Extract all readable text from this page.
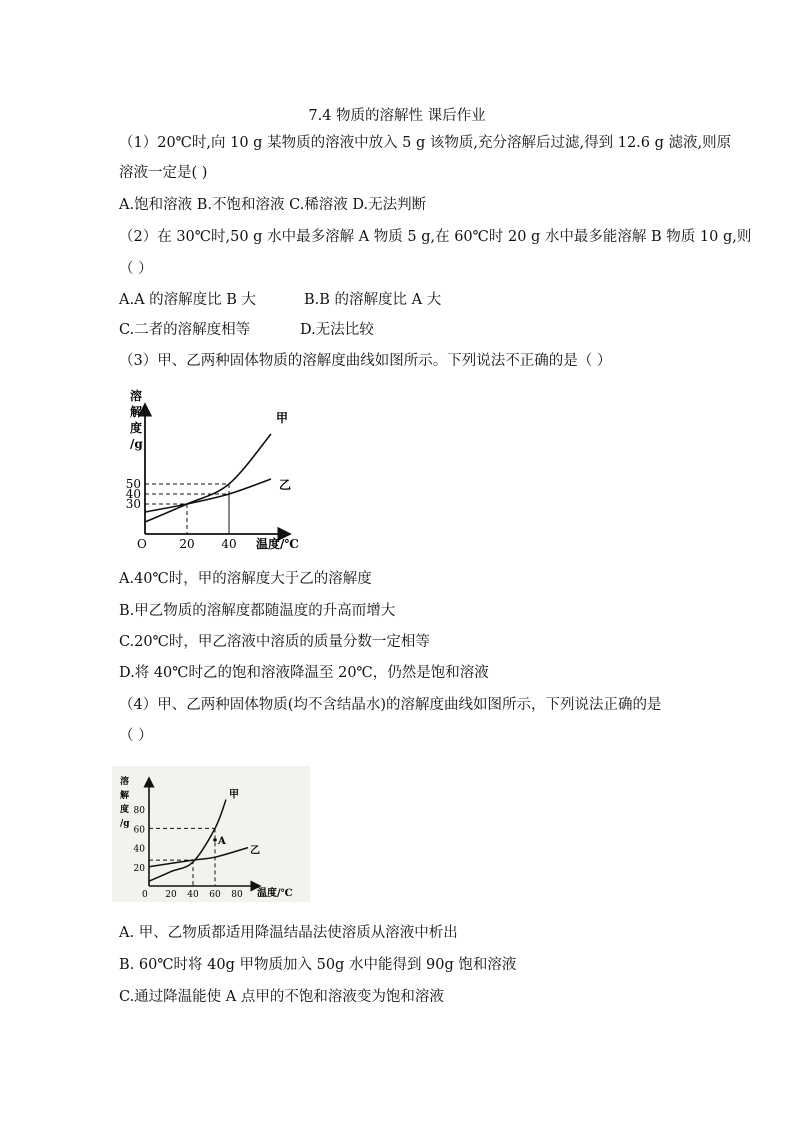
7.4 物质的溶解性 课后作业
（1）20℃时,向 10 g 某物质的溶液中放入 5 g 该物质,充分溶解后过滤,得到 12.6 g 滤液,则原
溶液一定是( )
A.饱和溶液 B.不饱和溶液 C.稀溶液 D.无法判断
（2）在 30℃时,50 g 水中最多溶解 A 物质 5 g,在 60℃时 20 g 水中最多能溶解 B 物质 10 g,则
（ ）
A.A 的溶解度比 B 大	B.B 的溶解度比 A 大
C.二者的溶解度相等	D.无法比较
（3）甲、乙两种固体物质的溶解度曲线如图所示。下列说法不正确的是（ ）
溶
解
度
/g
O	20 40
30
40
50
甲
乙
温度/℃
A.40℃时，甲的溶解度大于乙的溶解度
B.甲乙物质的溶解度都随温度的升高而增大
C.20℃时，甲乙溶液中溶质的质量分数一定相等
D.将 40℃时乙的饱和溶液降温至 20℃，仍然是饱和溶液
（4）甲、乙两种固体物质(均不含结晶水)的溶解度曲线如图所示，下列说法正确的是
（ ）
溶
解
度
/g
0 20 40 60 80
20
40
60
80
甲
乙
温度/℃
A
A. 甲、乙物质都适用降温结晶法使溶质从溶液中析出
B. 60℃时将 40g 甲物质加入 50g 水中能得到 90g 饱和溶液
C.通过降温能使 A 点甲的不饱和溶液变为饱和溶液
